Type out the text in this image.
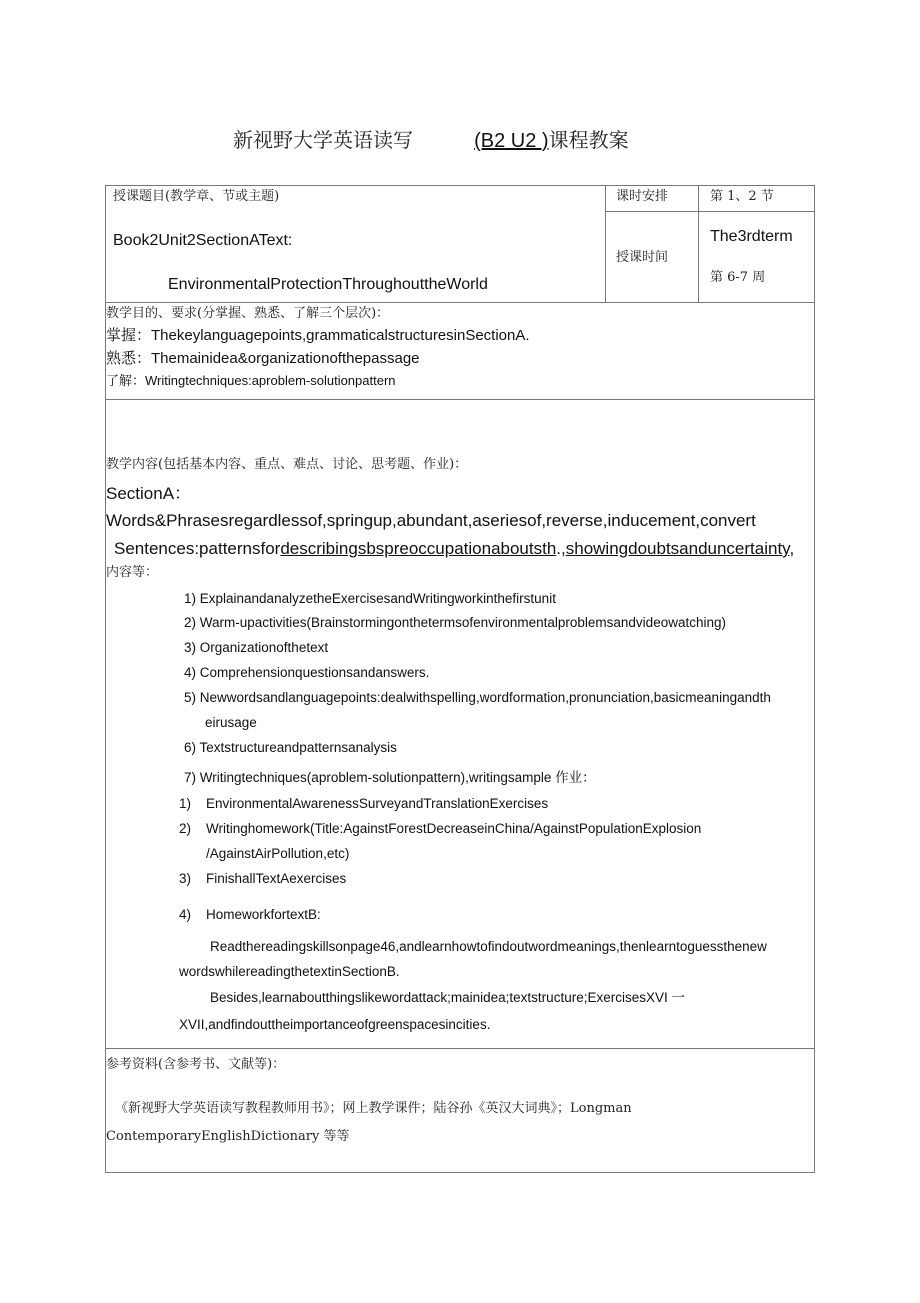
新视野大学英语读写	(B2 U2 )课程教案
授课题目(教学章、节或主题)
Book2Unit2SectionAText:
EnvironmentalProtectionThroughouttheWorld
课时安排	第 1、2 节
授课时间
The3rdterm
第 6-7 周
教学目的、要求(分掌握、熟悉、了解三个层次)：
掌握：Thekeylanguagepoints,grammaticalstructuresinSectionA.
熟悉：Themainidea&organizationofthepassage
了解：Writingtechniques:aproblem-solutionpattern
教学内容(包括基本内容、重点、难点、讨论、思考题、作业)：
SectionA：
Words&Phrasesregardlessof,springup,abundant,aseriesof,reverse,inducement,convert
Sentences:patternsfordescribingsbspreoccupationaboutsth.,showingdoubtsanduncertainty,
内容等：
1) ExplainandanalyzetheExercisesandWritingworkinthefirstunit
2) Warm-upactivities(Brainstormingonthetermsofenvironmentalproblemsandvideowatching)
3) Organizationofthetext
4) Comprehensionquestionsandanswers.
5) Newwordsandlanguagepoints:dealwithspelling,wordformation,pronunciation,basicmeaningandth
eirusage
6) Textstructureandpatternsanalysis
7) Writingtechniques(aproblem-solutionpattern),writingsample 作业：
1) EnvironmentalAwarenessSurveyandTranslationExercises
2) Writinghomework(Title:AgainstForestDecreaseinChina/AgainstPopulationExplosion
/AgainstAirPollution,etc)
3) FinishallTextAexercises
4) HomeworkfortextB:
Readthereadingskillsonpage46,andlearnhowtofindoutwordmeanings,thenlearntoguessthenew
wordswhilereadingthetextinSectionB.
Besides,learnaboutthingslikewordattack;mainidea;textstructure;ExercisesXVI 一
XVII,andfindouttheimportanceofgreenspacesincities.
参考资料(含参考书、文献等)：
《新视野大学英语读写教程教师用书》；网上教学课件；陆谷孙《英汉大词典》；Longman
ContemporaryEnglishDictionary 等等
